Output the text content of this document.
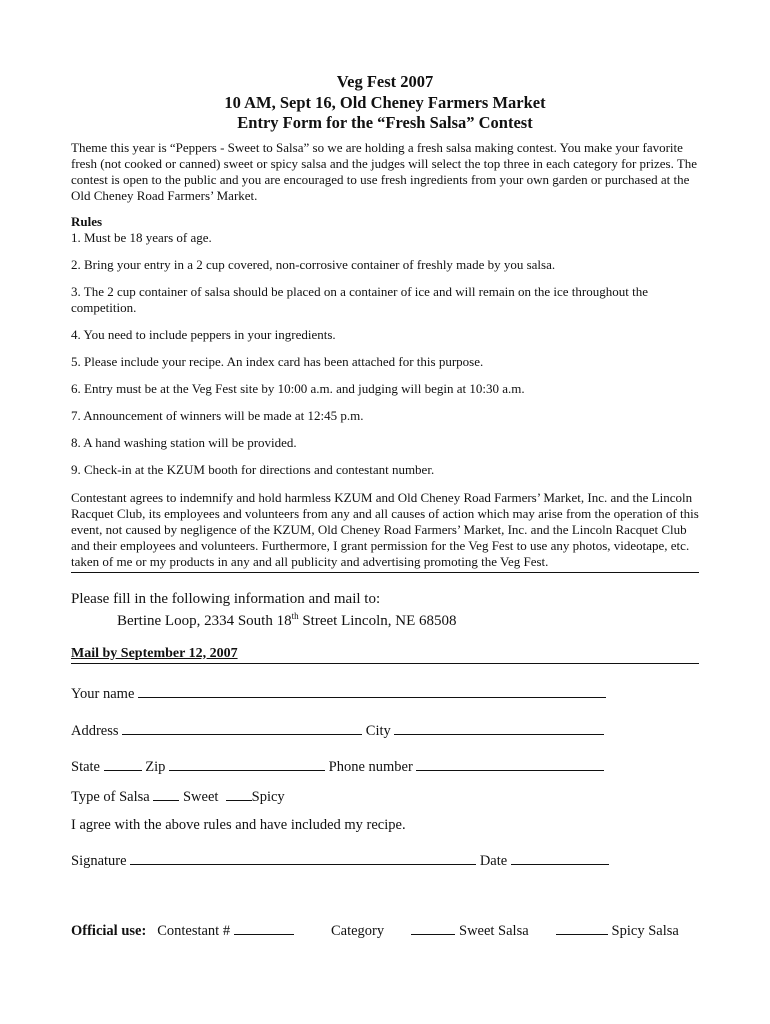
Veg Fest 2007
10 AM, Sept 16, Old Cheney Farmers Market
Entry Form for the “Fresh Salsa” Contest
Theme this year is “Peppers - Sweet to Salsa” so we are holding a fresh salsa making contest. You make your favorite fresh (not cooked or canned) sweet or spicy salsa and the judges will select the top three in each category for prizes. The contest is open to the public and you are encouraged to use fresh ingredients from your own garden or purchased at the Old Cheney Road Farmers’ Market.
Rules
1. Must be 18 years of age.
2. Bring your entry in a 2 cup covered, non-corrosive container of freshly made by you salsa.
3. The 2 cup container of salsa should be placed on a container of ice and will remain on the ice throughout the competition.
4. You need to include peppers in your ingredients.
5. Please include your recipe. An index card has been attached for this purpose.
6. Entry must be at the Veg Fest site by 10:00 a.m. and judging will begin at 10:30 a.m.
7. Announcement of winners will be made at 12:45 p.m.
8. A hand washing station will be provided.
9. Check-in at the KZUM booth for directions and contestant number.
Contestant agrees to indemnify and hold harmless KZUM and Old Cheney Road Farmers’ Market, Inc. and the Lincoln Racquet Club, its employees and volunteers from any and all causes of action which may arise from the operation of this event, not caused by negligence of the KZUM, Old Cheney Road Farmers’ Market, Inc. and the Lincoln Racquet Club and their employees and volunteers. Furthermore, I grant permission for the Veg Fest to use any photos, videotape, etc. taken of me or my products in any and all publicity and advertising promoting the Veg Fest.
Please fill in the following information and mail to:
Bertine Loop, 2334 South 18th Street Lincoln, NE 68508
Mail by September 12, 2007
Your name
Address	City
State	Zip	Phone number
Type of Salsa Sweet Spicy
I agree with the above rules and have included my recipe.
Signature	Date
Official use: Contestant #	Category	Sweet Salsa	Spicy Salsa
